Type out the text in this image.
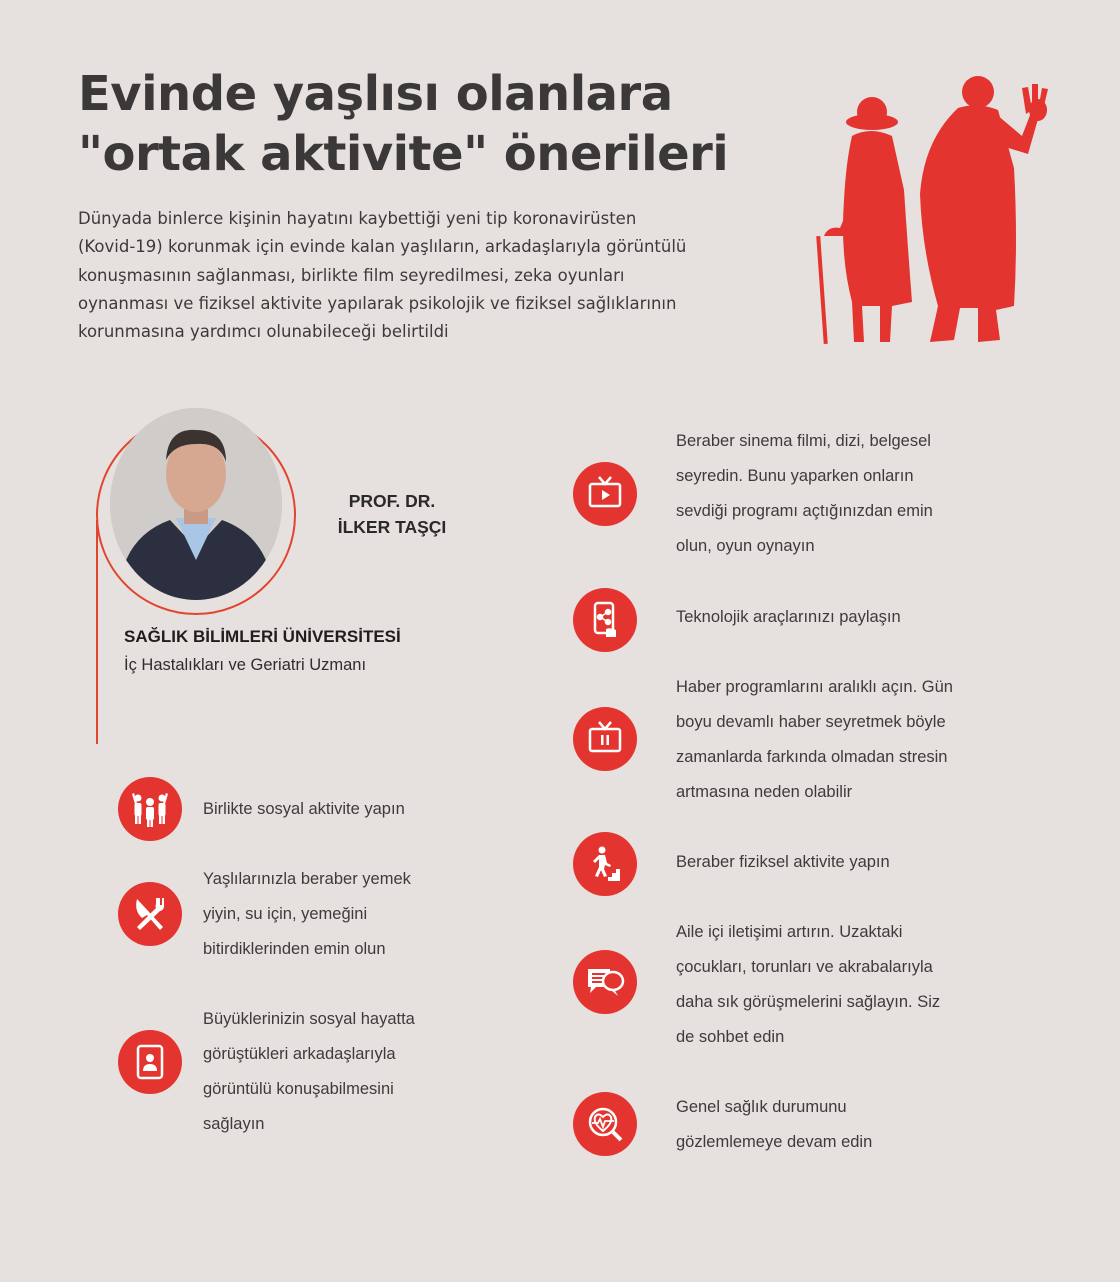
Evinde yaşlısı olanlara
"ortak aktivite" önerileri

Dünyada binlerce kişinin hayatını kaybettiği yeni tip koronavirüsten
(Kovid-19) korunmak için evinde kalan yaşlıların, arkadaşlarıyla görüntülü
konuşmasının sağlanması, birlikte film seyredilmesi, zeka oyunları
oynanması ve fiziksel aktivite yapılarak psikolojik ve fiziksel sağlıklarının
korunmasına yardımcı olunabileceği belirtildi

PROF. DR.
İLKER TAŞÇI
SAĞLIK BİLİMLERİ ÜNİVERSİTESİ
İç Hastalıkları ve Geriatri Uzmanı
Birlikte sosyal aktivite yapın
Yaşlılarınızla beraber yemek
yiyin, su için, yemeğini
bitirdiklerinden emin olun
Büyüklerinizin sosyal hayatta
görüştükleri arkadaşlarıyla
görüntülü konuşabilmesini
sağlayın
Beraber sinema filmi, dizi, belgesel
seyredin. Bunu yaparken onların
sevdiği programı açtığınızdan emin
olun, oyun oynayın
Teknolojik araçlarınızı paylaşın
Haber programlarını aralıklı açın. Gün
boyu devamlı haber seyretmek böyle
zamanlarda farkında olmadan stresin
artmasına neden olabilir
Beraber fiziksel aktivite yapın
Aile içi iletişimi artırın. Uzaktaki
çocukları, torunları ve akrabalarıyla
daha sık görüşmelerini sağlayın. Siz
de sohbet edin
Genel sağlık durumunu
gözlemlemeye devam edin
